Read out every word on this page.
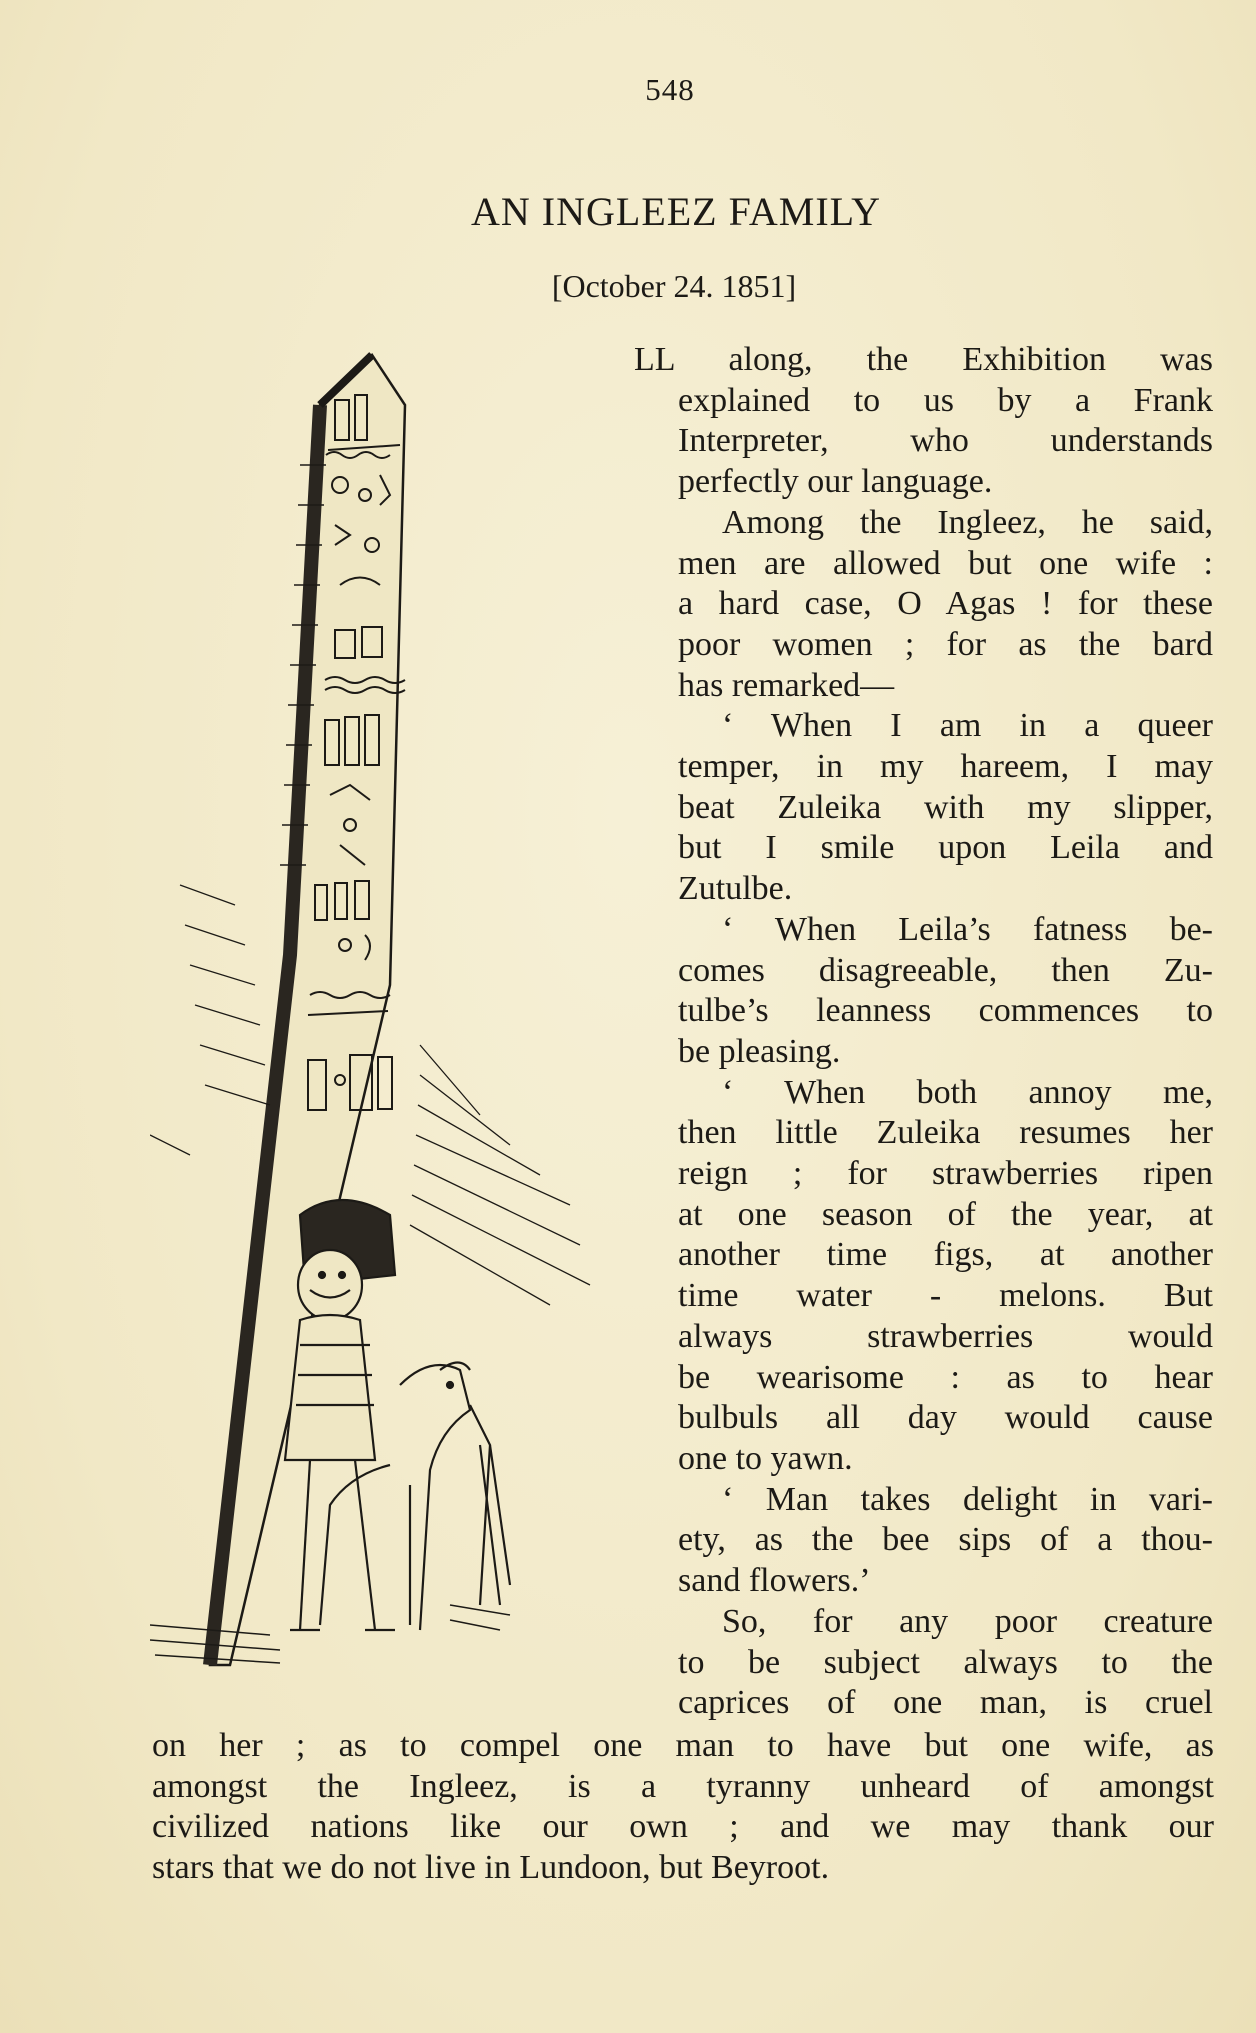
548
AN INGLEEZ FAMILY
[October 24. 1851]
LL along, the Exhibition was
explained to us by a Frank
Interpreter, who understands
perfectly our language.
Among the Ingleez, he said,
men are allowed but one wife :
a hard case, O Agas ! for these
poor women ; for as the bard
has remarked—
‘ When I am in a queer
temper, in my hareem, I may
beat Zuleika with my slipper,
but I smile upon Leila and
Zutulbe.
‘ When Leila’s fatness be-
comes disagreeable, then Zu-
tulbe’s leanness commences to
be pleasing.
‘ When both annoy me,
then little Zuleika resumes her
reign ; for strawberries ripen
at one season of the year, at
another time figs, at another
time water - melons. But
always strawberries would
be wearisome : as to hear
bulbuls all day would cause
one to yawn.
‘ Man takes delight in vari-
ety, as the bee sips of a thou-
sand flowers.’
So, for any poor creature
to be subject always to the
caprices of one man, is cruel
on her ; as to compel one man to have but one wife, as
amongst the Ingleez, is a tyranny unheard of amongst
civilized nations like our own ; and we may thank our
stars that we do not live in Lundoon, but Beyroot.
